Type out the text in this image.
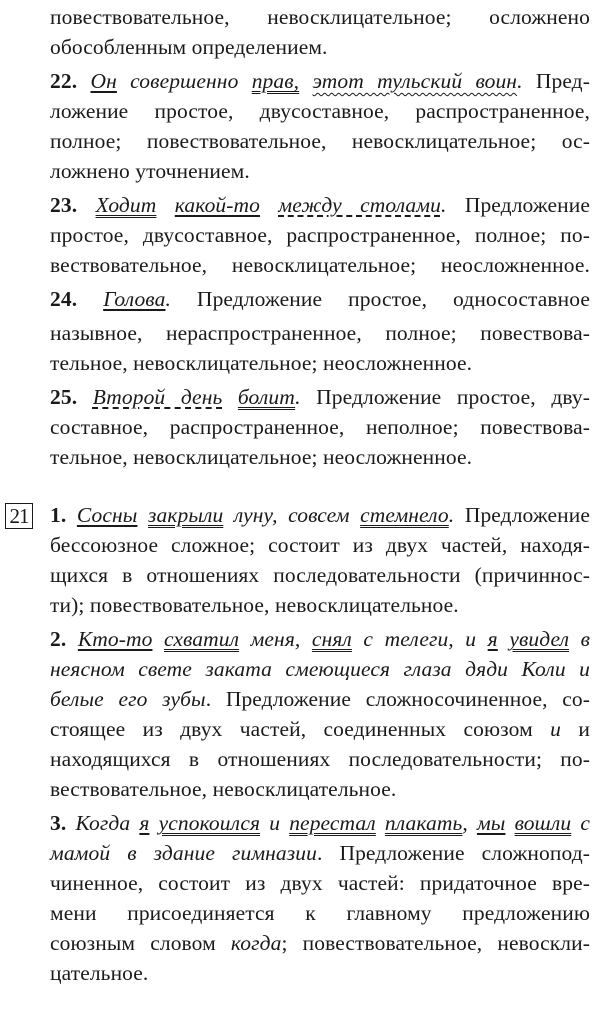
повествовательное, невосклицательное; осложнено
обособленным определением.
22. Он совершенно прав, этот тульский воин. Пред-
ложение простое, двусоставное, распространенное,
полное; повествовательное, невосклицательное; ос-
ложнено уточнением.
23. Ходит какой-то между столами. Предложение
простое, двусоставное, распространенное, полное; по-
вествовательное, невосклицательное; неосложненное.
24. Голова. Предложение простое, односоставное
назывное, нераспространенное, полное; повествова-
тельное, невосклицательное; неосложненное.
25. Второй день болит. Предложение простое, дву-
составное, распространенное, неполное; повествова-
тельное, невосклицательное; неосложненное.
21 1. Сосны закрыли луну, совсем стемнело. Предложение
бессоюзное сложное; состоит из двух частей, находя-
щихся в отношениях последовательности (причиннос-
ти); повествовательное, невосклицательное.
2. Кто-то схватил меня, снял с телеги, и я увидел в
неясном свете заката смеющиеся глаза дяди Коли и
белые его зубы. Предложение сложносочиненное, со-
стоящее из двух частей, соединенных союзом и и
находящихся в отношениях последовательности; по-
вествовательное, невосклицательное.
3. Когда я успокоился и перестал плакать, мы вошли с
мамой в здание гимназии. Предложение сложнопод-
чиненное, состоит из двух частей: придаточное вре-
мени присоединяется к главному предложению
союзным словом когда; повествовательное, невоскли-
цательное.
